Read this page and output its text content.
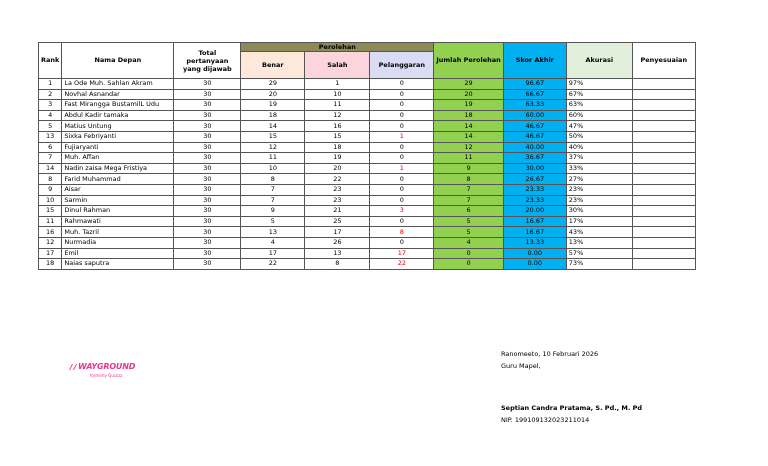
Rank	Nama Depan	Total pertanyaan yang dijawab	Perolehan			Jumlah Perolehan	Skor Akhir	Akurasi	Penyesuaian
			Benar	Salah	Pelanggaran				

1	La Ode Muh. Sahlan Akram	30	29	1	0	29	96.67	97%	
2	Novhal Asnandar	30	20	10	0	20	66.67	67%	
3	Fast Mirangga BustamilL Udu	30	19	11	0	19	63.33	63%	
4	Abdul Kadir tamaka	30	18	12	0	18	60.00	60%	
5	Matius Untung	30	14	16	0	14	46.67	47%	
13	Sixka Febriyanti	30	15	15	1	14	46.67	50%	
6	Fujiaryanti	30	12	18	0	12	40.00	40%	
7	Muh. Affan	30	11	19	0	11	36.67	37%	
14	Nadin zaisa Mega Fristiya	30	10	20	1	9	30.00	33%	
8	Farid Muhammad	30	8	22	0	8	26.67	27%	
9	Aisar	30	7	23	0	7	23.33	23%	
10	Sarmin	30	7	23	0	7	23.33	23%	
15	Dinul Rahman	30	9	21	3	6	20.00	30%	
11	Rahmawati	30	5	25	0	5	16.67	17%	
16	Muh. Tazril	30	13	17	8	5	16.67	43%	
12	Nurmadia	30	4	26	0	4	13.33	13%	
17	Emil	30	17	13	17	0	0.00	57%	
18	Naias saputra	30	22	8	22	0	0.00	73%	
WAYGROUND
formerly Quizizz
Ranomeeto, 10 Februari 2026
Guru Mapel,
Septian Candra Pratama, S. Pd., M. Pd
NIP. 199109132023211014
